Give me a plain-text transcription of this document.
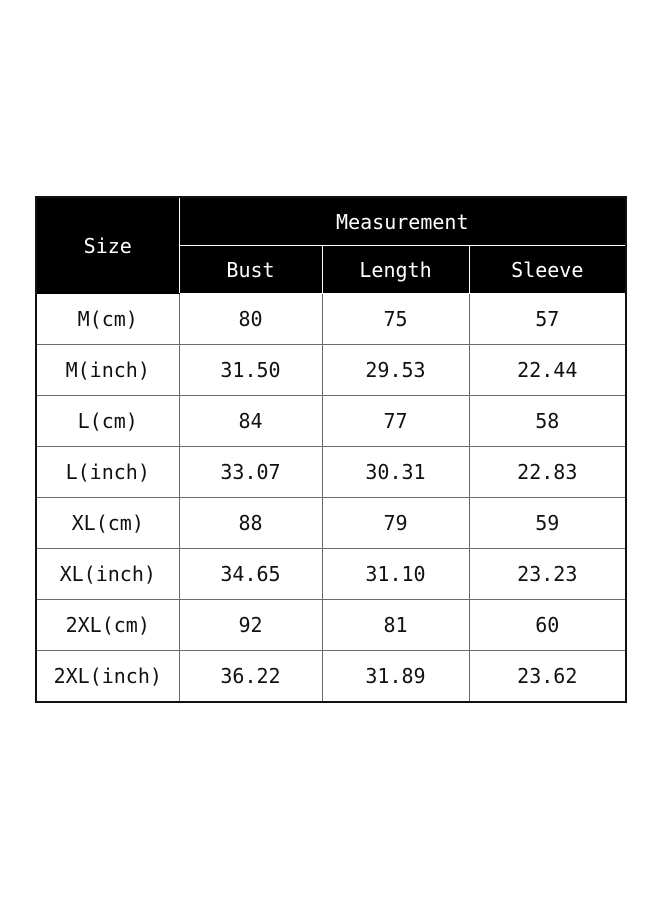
Size	Measurement		
	Bust	Length	Sleeve
M(cm)	80	75	57
M(inch)	31.50	29.53	22.44
L(cm)	84	77	58
L(inch)	33.07	30.31	22.83
XL(cm)	88	79	59
XL(inch)	34.65	31.10	23.23
2XL(cm)	92	81	60
2XL(inch)	36.22	31.89	23.62
